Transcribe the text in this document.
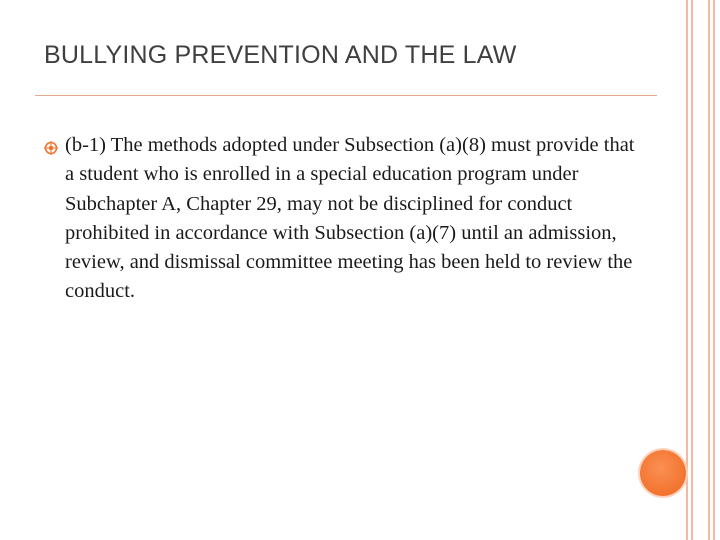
BULLYING PREVENTION AND THE LAW

(b-1) The methods adopted under Subsection (a)(8) must provide that a student who is enrolled in a special education program under Subchapter A, Chapter 29, may not be disciplined for conduct prohibited in accordance with Subsection (a)(7) until an admission, review, and dismissal committee meeting has been held to review the conduct.
